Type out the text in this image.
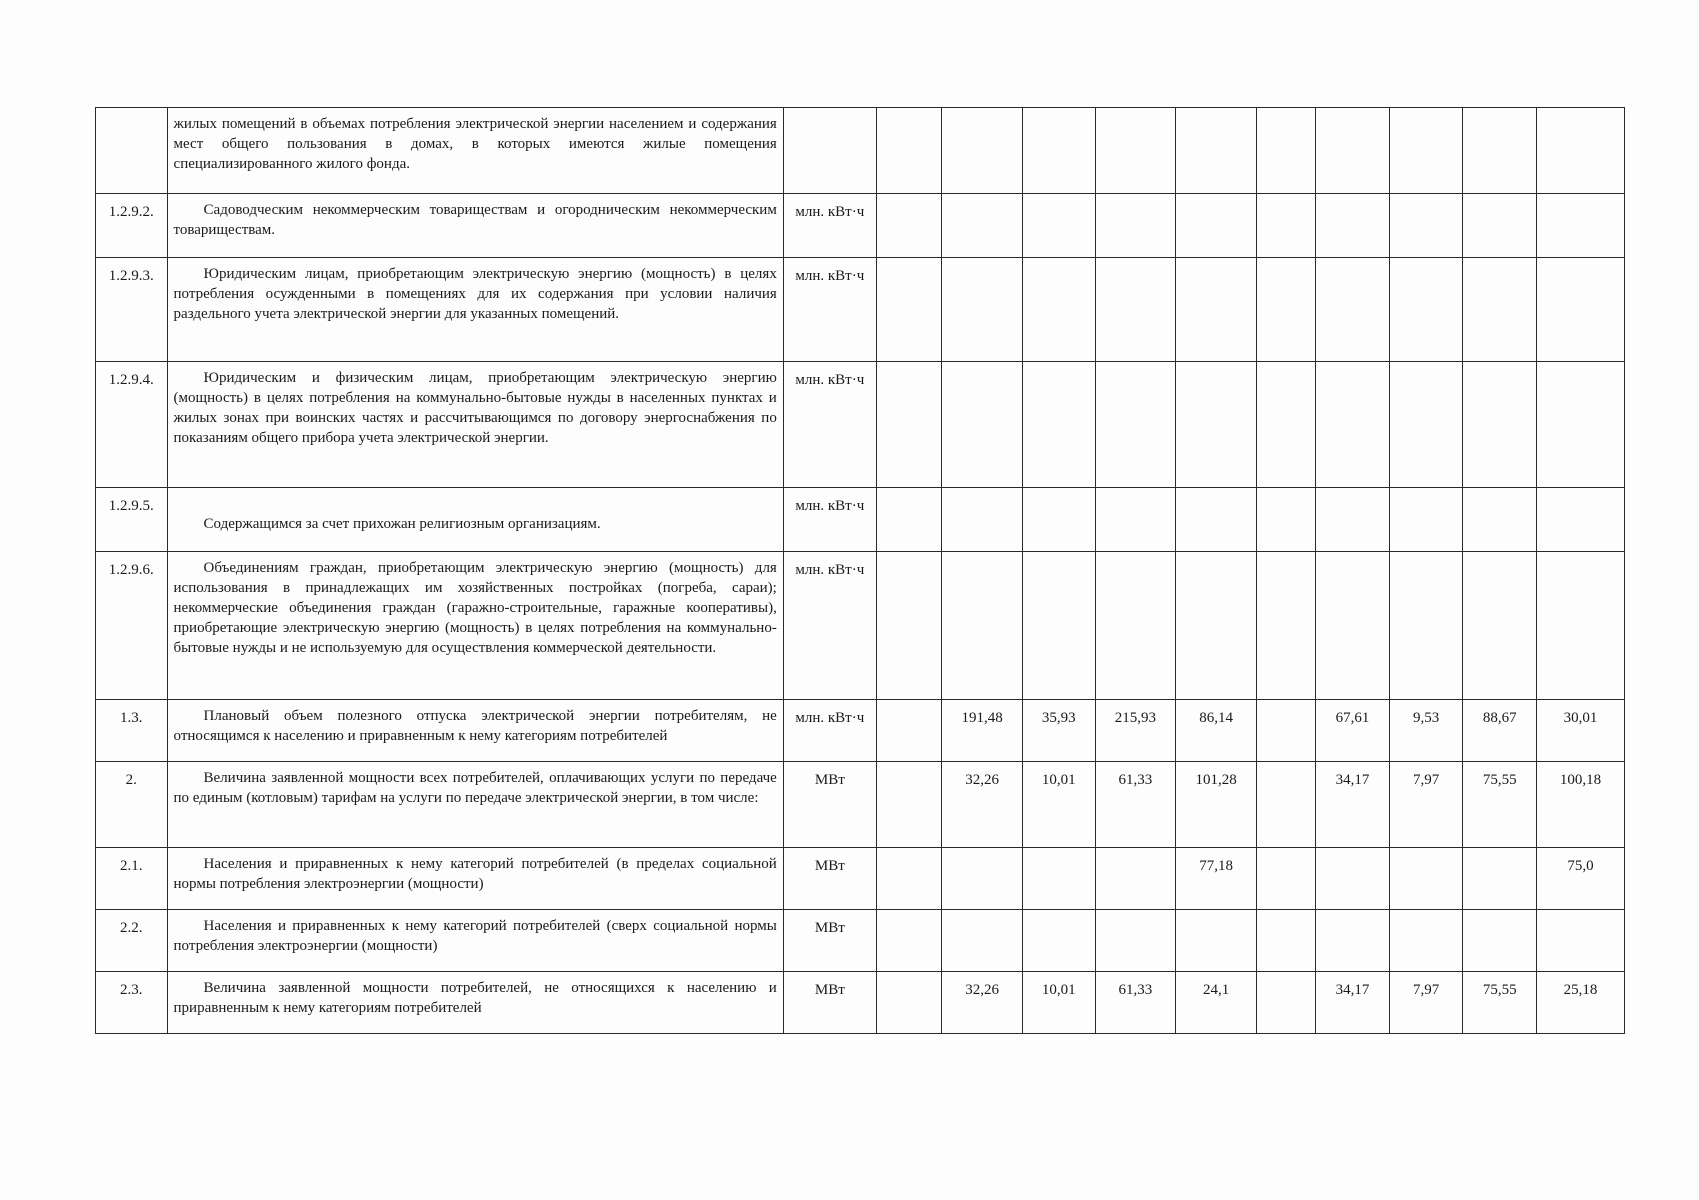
	жилых помещений в объемах потребления электрической энергии населением и содержания мест общего пользования в домах, в которых имеются жилые помещения специализированного жилого фонда.											

1.2.9.2.	Садоводческим некоммерческим товариществам и огородническим некоммерческим товариществам.	млн. кВт·ч										
1.2.9.3.	Юридическим лицам, приобретающим электрическую энергию (мощность) в целях потребления осужденными в помещениях для их содержания при условии наличия раздельного учета электрической энергии для указанных помещений.	млн. кВт·ч										
1.2.9.4.	Юридическим и физическим лицам, приобретающим электрическую энергию (мощность) в целях потребления на коммунально-бытовые нужды в населенных пунктах и жилых зонах при воинских частях и рассчитывающимся по договору энергоснабжения по показаниям общего прибора учета электрической энергии.	млн. кВт·ч										
1.2.9.5.	Содержащимся за счет прихожан религиозным организациям.	млн. кВт·ч										
1.2.9.6.	Объединениям граждан, приобретающим электрическую энергию (мощность) для использования в принадлежащих им хозяйственных постройках (погреба, сараи); некоммерческие объединения граждан (гаражно-строительные, гаражные кооперативы), приобретающие электрическую энергию (мощность) в целях потребления на коммунально-бытовые нужды и не используемую для осуществления коммерческой деятельности.	млн. кВт·ч										
1.3.	Плановый объем полезного отпуска электрической энергии потребителям, не относящимся к населению и приравненным к нему категориям потребителей	млн. кВт·ч		191,48	35,93	215,93	86,14		67,61	9,53	88,67	30,01
2.	Величина заявленной мощности всех потребителей, оплачивающих услуги по передаче по единым (котловым) тарифам на услуги по передаче электрической энергии, в том числе:	МВт		32,26	10,01	61,33	101,28		34,17	7,97	75,55	100,18
2.1.	Населения и приравненных к нему категорий потребителей (в пределах социальной нормы потребления электроэнергии (мощности)	МВт					77,18					75,0
2.2.	Населения и приравненных к нему категорий потребителей (сверх социальной нормы потребления электроэнергии (мощности)	МВт										
2.3.	Величина заявленной мощности потребителей, не относящихся к населению и приравненным к нему категориям потребителей	МВт		32,26	10,01	61,33	24,1		34,17	7,97	75,55	25,18
